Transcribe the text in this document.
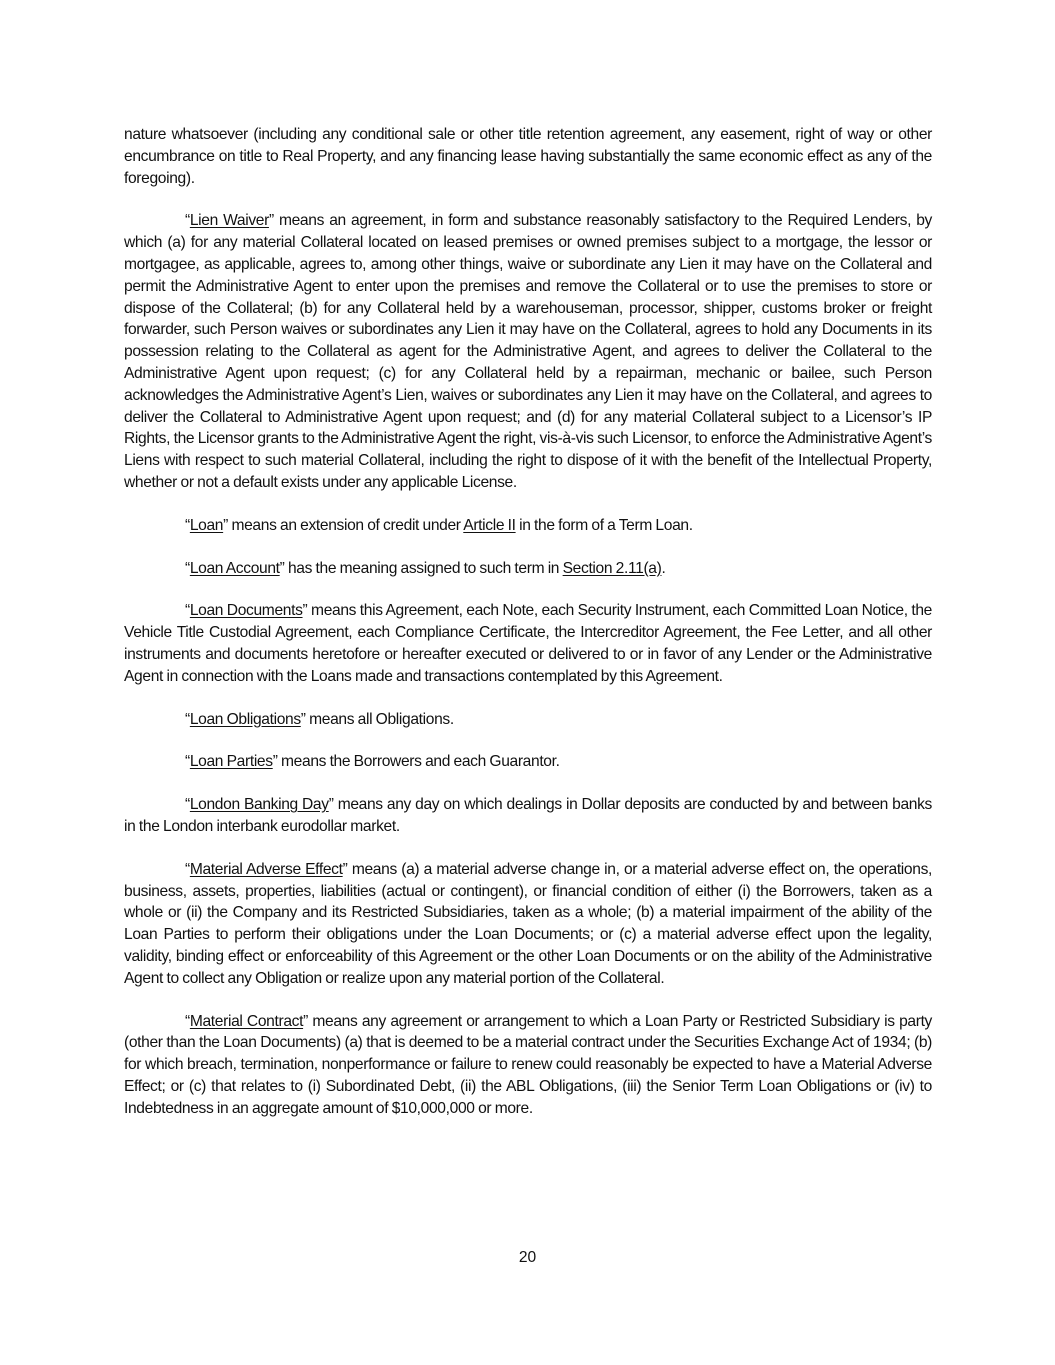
nature whatsoever (including any conditional sale or other title retention agreement, any easement, right of way or other encumbrance on title to Real Property, and any financing lease having substantially the same economic effect as any of the foregoing).

“Lien Waiver” means an agreement, in form and substance reasonably satisfactory to the Required Lenders, by which (a) for any material Collateral located on leased premises or owned premises subject to a mortgage, the lessor or mortgagee, as applicable, agrees to, among other things, waive or subordinate any Lien it may have on the Collateral and permit the Administrative Agent to enter upon the premises and remove the Collateral or to use the premises to store or dispose of the Collateral; (b) for any Collateral held by a warehouseman, processor, shipper, customs broker or freight forwarder, such Person waives or subordinates any Lien it may have on the Collateral, agrees to hold any Documents in its possession relating to the Collateral as agent for the Administrative Agent, and agrees to deliver the Collateral to the Administrative Agent upon request; (c) for any Collateral held by a repairman, mechanic or bailee, such Person acknowledges the Administrative Agent’s Lien, waives or subordinates any Lien it may have on the Collateral, and agrees to deliver the Collateral to Administrative Agent upon request; and (d) for any material Collateral subject to a Licensor’s IP Rights, the Licensor grants to the Administrative Agent the right, vis-à-vis such Licensor, to enforce the Administrative Agent’s Liens with respect to such material Collateral, including the right to dispose of it with the benefit of the Intellectual Property, whether or not a default exists under any applicable License.

“Loan” means an extension of credit under Article II in the form of a Term Loan.

“Loan Account” has the meaning assigned to such term in Section 2.11(a).

“Loan Documents” means this Agreement, each Note, each Security Instrument, each Committed Loan Notice, the Vehicle Title Custodial Agreement, each Compliance Certificate, the Intercreditor Agreement, the Fee Letter, and all other instruments and documents heretofore or hereafter executed or delivered to or in favor of any Lender or the Administrative Agent in connection with the Loans made and transactions contemplated by this Agreement.

“Loan Obligations” means all Obligations.

“Loan Parties” means the Borrowers and each Guarantor.

“London Banking Day” means any day on which dealings in Dollar deposits are conducted by and between banks in the London interbank eurodollar market.

“Material Adverse Effect” means (a) a material adverse change in, or a material adverse effect on, the operations, business, assets, properties, liabilities (actual or contingent), or financial condition of either (i) the Borrowers, taken as a whole or (ii) the Company and its Restricted Subsidiaries, taken as a whole; (b) a material impairment of the ability of the Loan Parties to perform their obligations under the Loan Documents; or (c) a material adverse effect upon the legality, validity, binding effect or enforceability of this Agreement or the other Loan Documents or on the ability of the Administrative Agent to collect any Obligation or realize upon any material portion of the Collateral.

“Material Contract” means any agreement or arrangement to which a Loan Party or Restricted Subsidiary is party (other than the Loan Documents) (a) that is deemed to be a material contract under the Securities Exchange Act of 1934; (b) for which breach, termination, nonperformance or failure to renew could reasonably be expected to have a Material Adverse Effect; or (c) that relates to (i) Subordinated Debt, (ii) the ABL Obligations, (iii) the Senior Term Loan Obligations or (iv) to Indebtedness in an aggregate amount of $10,000,000 or more.

20
